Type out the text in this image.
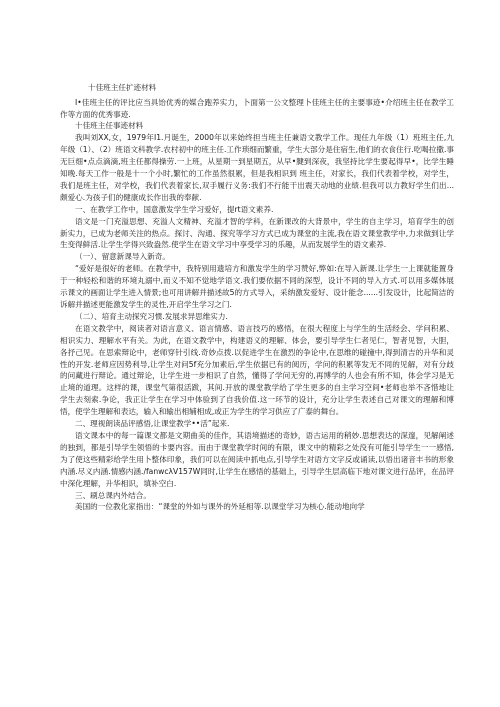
十佳班主任扩迹材料

I•佳班主任的评比应当具饴优秀的媒合跑养实力，卜面第一公文整理卜佳班主任的主要事迹•介绍班主任在教学工作等方面的优秀事迹.

十佳班主任事迹材料

我叫刘XX,女，1979年I1.月诞生，2000年以来始终担当班主任兼语文教学工作。现任九年级（1）班班主任,九年级（1）、（2）班语文科教学.农村初中的班主任.工作琐细而繁重，学生大部分是住宿生,他们的衣食住行.吃喝拉撒.事无巨细•点点滴滴,班主任都得操劳.一上班，从星期一到星期五，从早•腱到深夜，我坚持比学生要起得早•，比学生睡知晚.每天工作一般是十一个小时,繁忙的工作虽然很累，但是我相识到 班主任，对家长，我们代表着学校，对学生，我们是班主任，对学校，我们代表着家长,双手履行义务:我们不行能干出震天动地的业绩.但我可以力教好学生们出...颇爱心.为孩子们的健康成长作出我的奉献.

一、在教学工作中，国意激发学生学习爱好，提rt语文素养.

语文是一门充溢思想、充溢人文精神、充溢才智的学科，在新课改的大背景中，学生的自主学习，培育学生的创新实力，已成为老师关注的热点。探讨、沟通、探究等学习方式已成为课堂的主流,我在语文课堂教学中,力求做到让学生变得鲜活.让学生学得兴致盎然.使学生在语文学习中享受学习的乐趣，从而发展学生的语文素养.

（一）、留意新课导入新奇。

“爱好是很好的老师。在教学中，我特别用遗培方和激发学生的学习赞好,弊如:在导入新课.让学生一上课就能置身于一种轻松和谐的环境丸溺中,而义不知不觉地学语文.我们要依据不同的深型，设计不同的导入方式.可以用多媒体展示课文的画面让学生进入情景;也可用讲解并描述故5的方式导入，采纳激发爱好、设计能念......引发设计，比起简洁的诉解并描述更能激发学生的灵性,开启学生学习之门.

（二）、培育主动探究习惯.发展求异思维实力.

在语文教学中，阅读者对语言意义、语言情感、语言技巧的感悟，在很大程度上与学生的生活经会、学问积累、相识实力、理解水平有关。为此，在语文教学中，构建语义的理解、体会，要引导学生仁者见仁，智者见智，大胆，各抒己见。在思索辩论中，老师穿针引线.奇妙点拨.以促进学生在激烈的争论中,在思维的碰撞中,得到清吉的升华和灵性的开发.老师应因势利导,让学生对问5f充分加素后,学生依据已有的阅历，学问的积累等发无不同的见解，对有分歧的问藏进行辩论。通过辩论，让学生进一步相识了自然，懂得了学问无穷的,再博学的人也会有所不知，体会学习是无止境的道理。这样的课，课堂气第很活跋，其间.开放的课堂教学给了学生更多的自主学习空间•老师也举不吝惜地让学生去刻索.争论，我正让学生在学习中体验到了自我价值.这一环节的设计，充分让学生表述自己对课文的理解和博悟，使学生理解和表达，输入和输出相辅相成,或正为学生的学习供应了广泰的舞台。

二、理视朗读品评感悟,让课堂教学••活”起来.

语文课本中的每一篇课文都是文期曲美的佳作，其语境描述的奇妙，语古运用的稍妙.思想表达的深邃，见解阐述的独到，都是引导学生领悟的卡要内容。而由于课堂教学时间的有限，课文中的精彩之处没有可能引导学生一一感悟,为了使这些精彩给学生用卜整体印象，我们可以在阅读中抓电点,引导学生对语方文字反或诵读,以悟出诸音丰书的形象内涵.尽义内涵.情感内涵./fanwcλV157W同时,让学生在感悟的基础上，引导学生层高临下地对课文进行品评，在品评中深化理解，升华相识，填补空白.

三、刷总课内外结合。

美国的一位教化家指出：“课堂的外如与课外的外延相等.以课堂学习为核心.能动地向学
